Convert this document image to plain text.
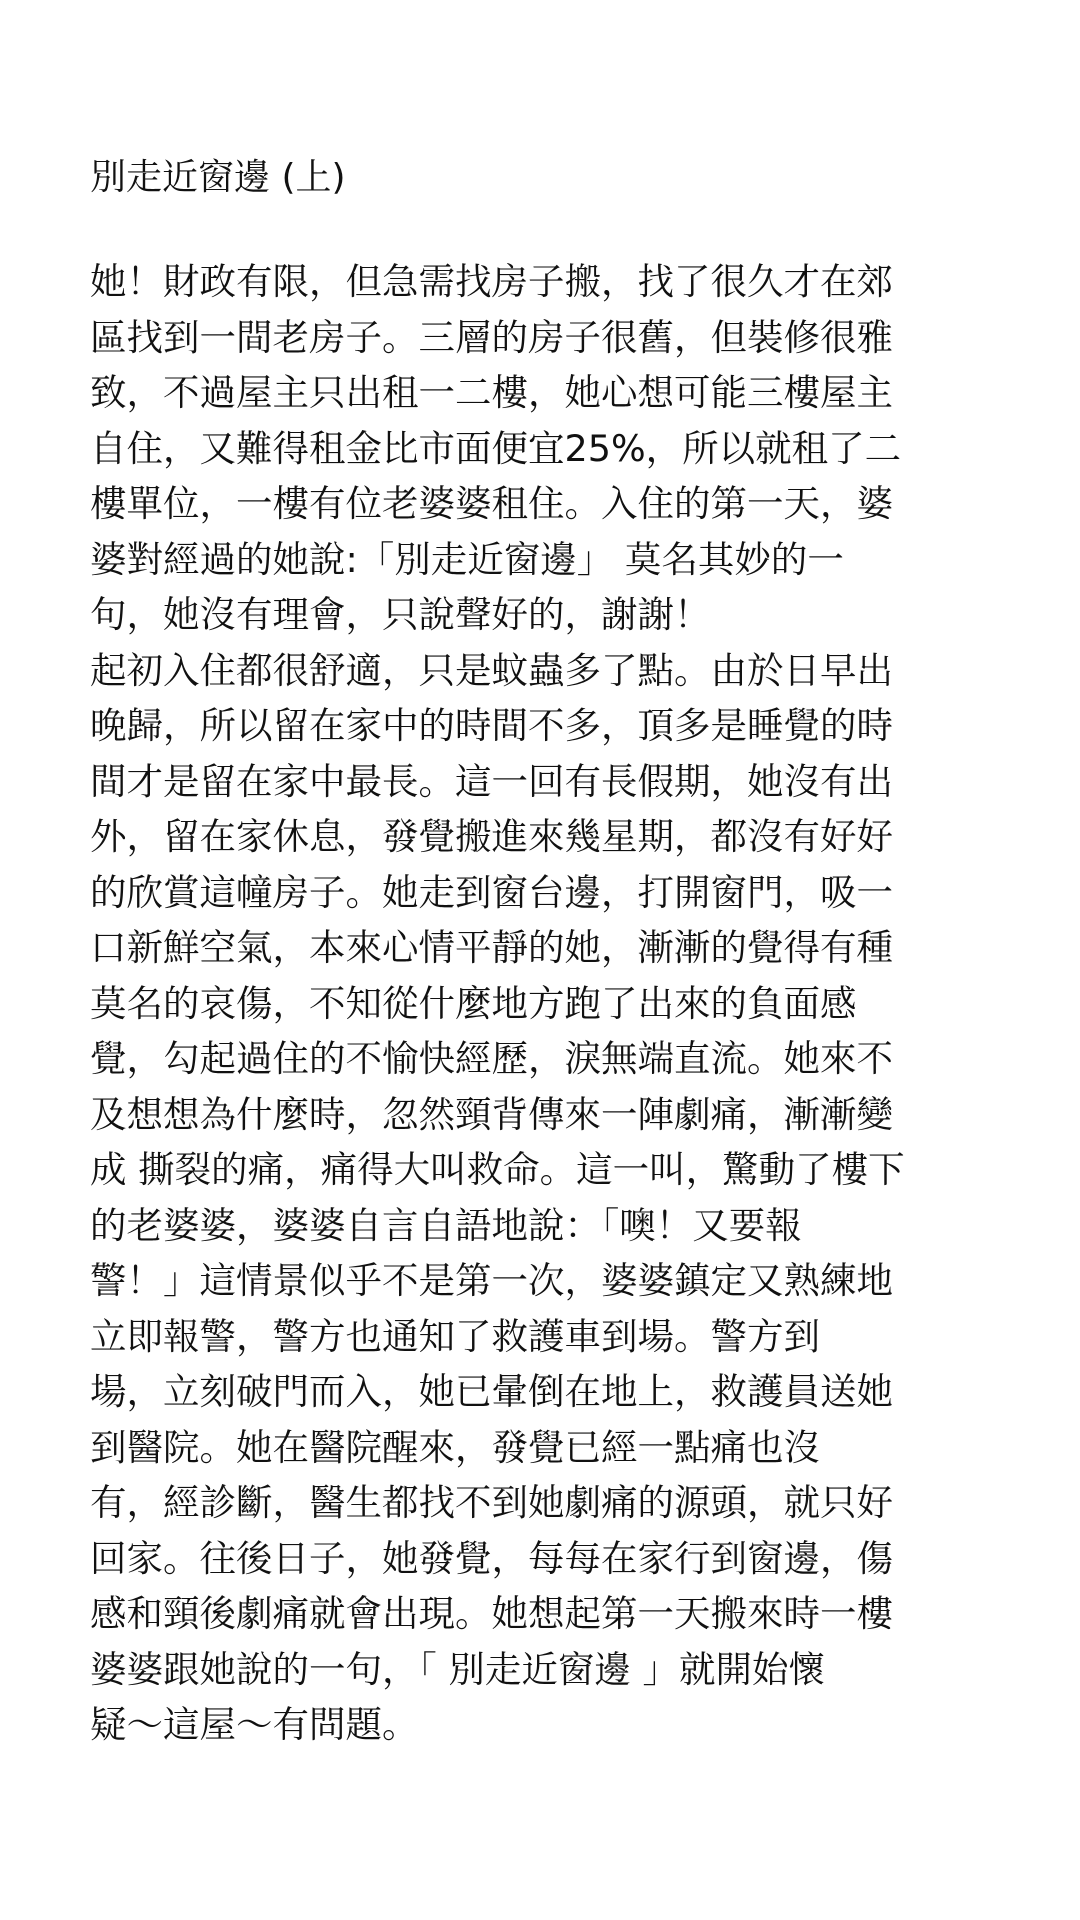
別走近窗邊 (上)
她！財政有限，但急需找房子搬，找了很久才在郊
區找到一間老房子。三層的房子很舊，但裝修很雅
致，不過屋主只出租一二樓，她心想可能三樓屋主
自住，又難得租金比市面便宜25%，所以就租了二
樓單位，一樓有位老婆婆租住。入住的第一天，婆
婆對經過的她說:「別走近窗邊」 莫名其妙的一
句，她沒有理會，只說聲好的，謝謝！
起初入住都很舒適，只是蚊蟲多了點。由於日早出
晚歸，所以留在家中的時間不多，頂多是睡覺的時
間才是留在家中最長。這一回有長假期，她沒有出
外，留在家休息，發覺搬進來幾星期，都沒有好好
的欣賞這幢房子。她走到窗台邊，打開窗門，吸一
口新鮮空氣，本來心情平靜的她，漸漸的覺得有種
莫名的哀傷，不知從什麼地方跑了出來的負面感
覺，勾起過住的不愉快經歷，淚無端直流。她來不
及想想為什麼時，忽然頸背傳來一陣劇痛，漸漸變
成 撕裂的痛，痛得大叫救命。這一叫，驚動了樓下
的老婆婆，婆婆自言自語地說：「噢！又要報
警！」這情景似乎不是第一次，婆婆鎮定又熟練地
立即報警，警方也通知了救護車到場。警方到
場，立刻破門而入，她已暈倒在地上，救護員送她
到醫院。她在醫院醒來，發覺已經一點痛也沒
有，經診斷，醫生都找不到她劇痛的源頭，就只好
回家。往後日子，她發覺，每每在家行到窗邊，傷
感和頸後劇痛就會出現。她想起第一天搬來時一樓
婆婆跟她說的一句，「 別走近窗邊 」就開始懷
疑～這屋～有問題。
